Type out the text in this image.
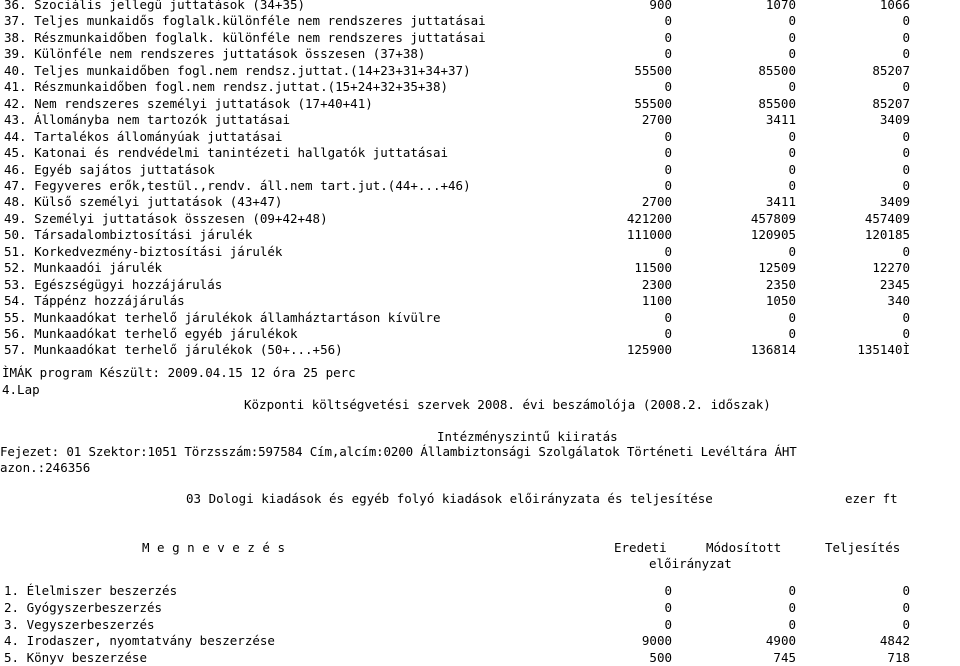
36. Szociális jellegű juttatások (34+35)	900	1070	1066
37. Teljes munkaidős foglalk.különféle nem rendszeres juttatásai	0	0	0
38. Részmunkaidőben foglalk. különféle nem rendszeres juttatásai	0	0	0
39. Különféle nem rendszeres juttatások összesen (37+38)	0	0	0
40. Teljes munkaidőben fogl.nem rendsz.juttat.(14+23+31+34+37)	55500	85500	85207
41. Részmunkaidőben fogl.nem rendsz.juttat.(15+24+32+35+38)	0	0	0
42. Nem rendszeres személyi juttatások (17+40+41)	55500	85500	85207
43. Állományba nem tartozók juttatásai	2700	3411	3409
44. Tartalékos állományúak juttatásai	0	0	0
45. Katonai és rendvédelmi tanintézeti hallgatók juttatásai	0	0	0
46. Egyéb sajátos juttatások	0	0	0
47. Fegyveres erők,testül.,rendv. áll.nem tart.jut.(44+...+46)	0	0	0
48. Külső személyi juttatások (43+47)	2700	3411	3409
49. Személyi juttatások összesen (09+42+48)	421200	457809	457409
50. Társadalombiztosítási járulék	111000	120905	120185
51. Korkedvezmény-biztosítási járulék	0	0	0
52. Munkaadói járulék	11500	12509	12270
53. Egészségügyi hozzájárulás	2300	2350	2345
54. Táppénz hozzájárulás	1100	1050	340
55. Munkaadókat terhelő járulékok államháztartáson kívülre	0	0	0
56. Munkaadókat terhelő egyéb járulékok	0	0	0
57. Munkaadókat terhelő járulékok (50+...+56)	125900	136814	135140Ì
ÌMÁK program Készült: 2009.04.15 12 óra 25 perc
4.Lap
Központi költségvetési szervek 2008. évi beszámolója (2008.2. időszak)
Intézményszintű kiiratás
Fejezet: 01 Szektor:1051 Törzsszám:597584 Cím,alcím:0200 Állambiztonsági Szolgálatok Történeti Levéltára ÁHT
azon.:246356
03 Dologi kiadások és egyéb folyó kiadások előirányzata és teljesítése	ezer ft
M e g n e v e z é s	Eredeti	Módosított	Teljesítés
előirányzat
1. Élelmiszer beszerzés	0	0	0
2. Gyógyszerbeszerzés	0	0	0
3. Vegyszerbeszerzés	0	0	0
4. Irodaszer, nyomtatvány beszerzése	9000	4900	4842
5. Könyv beszerzése	500	745	718
